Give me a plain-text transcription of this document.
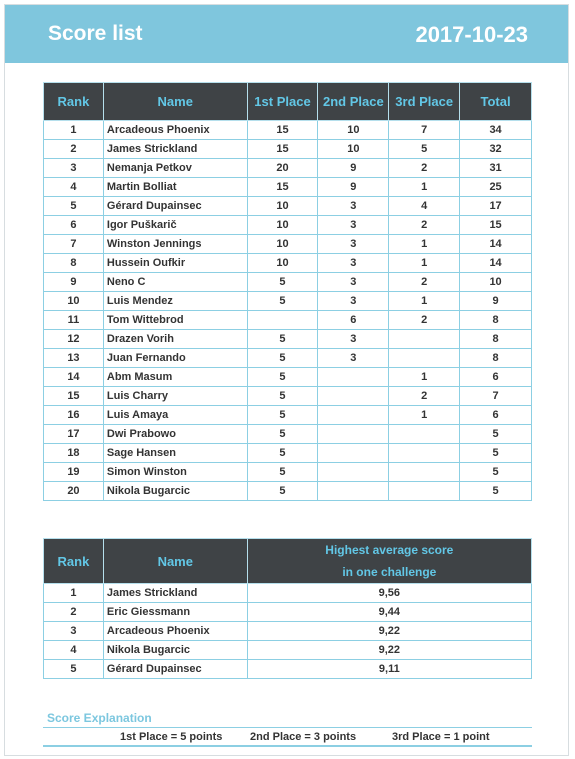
Score list	2017-10-23
Rank	Name	1st Place	2nd Place	3rd Place	Total
1	Arcadeous Phoenix	15	10	7	34
2	James Strickland	15	10	5	32
3	Nemanja Petkov	20	9	2	31
4	Martin Bolliat	15	9	1	25
5	Gérard Dupainsec	10	3	4	17
6	Igor Puškarič	10	3	2	15
7	Winston Jennings	10	3	1	14
8	Hussein Oufkir	10	3	1	14
9	Neno C	5	3	2	10
10	Luis Mendez	5	3	1	9
11	Tom Wittebrod		6	2	8
12	Drazen Vorih	5	3		8
13	Juan Fernando	5	3		8
14	Abm Masum	5		1	6
15	Luis Charry	5		2	7
16	Luis Amaya	5		1	6
17	Dwi Prabowo	5			5
18	Sage Hansen	5			5
19	Simon Winston	5			5
20	Nikola Bugarcic	5			5
Rank	Name	Highest average score
in one challenge

1	James Strickland	9,56
2	Eric Giessmann	9,44
3	Arcadeous Phoenix	9,22
4	Nikola Bugarcic	9,22
5	Gérard Dupainsec	9,11
Score Explanation
1st Place = 5 points	2nd Place = 3 points	3rd Place = 1 point
